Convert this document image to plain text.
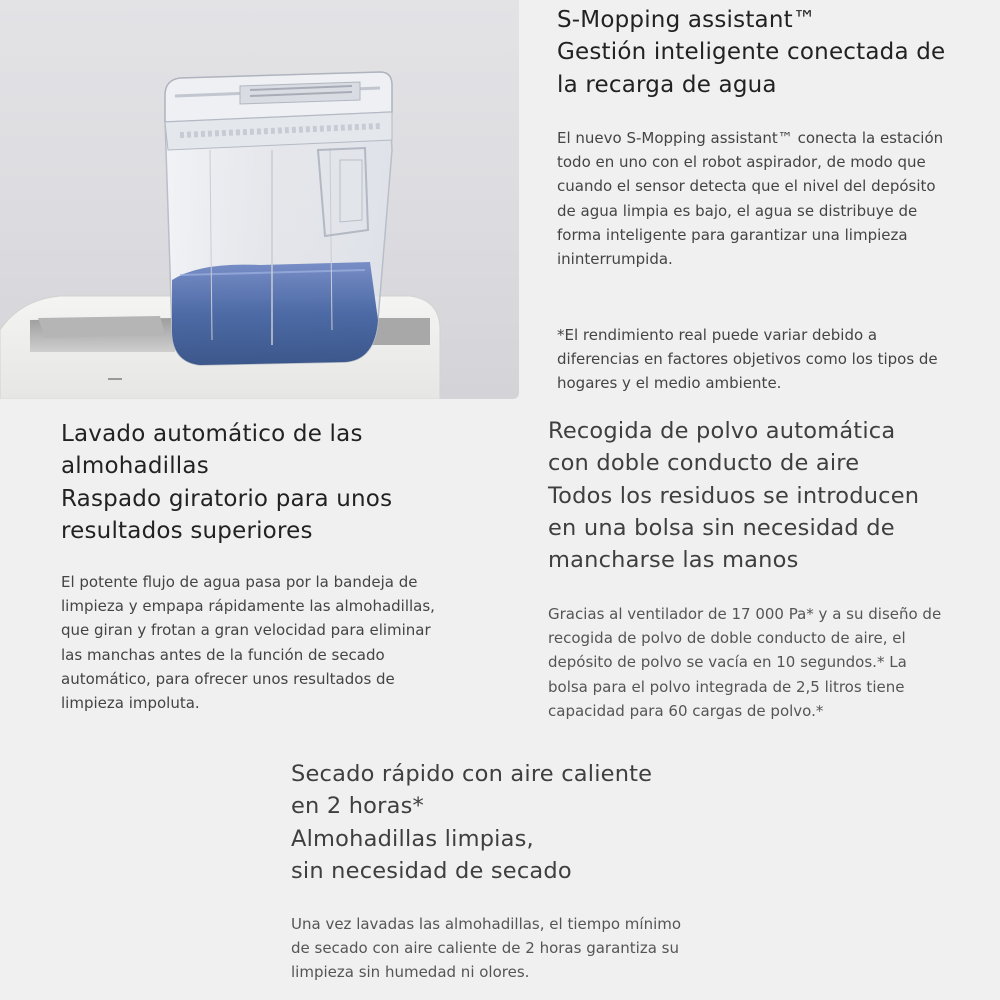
S-Mopping assistant™
Gestión inteligente conectada de
la recarga de agua

El nuevo S-Mopping assistant™ conecta la estación
todo en uno con el robot aspirador, de modo que
cuando el sensor detecta que el nivel del depósito
de agua limpia es bajo, el agua se distribuye de
forma inteligente para garantizar una limpieza
ininterrumpida.

*El rendimiento real puede variar debido a
diferencias en factores objetivos como los tipos de
hogares y el medio ambiente.

Lavado automático de las
almohadillas
Raspado giratorio para unos
resultados superiores

El potente flujo de agua pasa por la bandeja de
limpieza y empapa rápidamente las almohadillas,
que giran y frotan a gran velocidad para eliminar
las manchas antes de la función de secado
automático, para ofrecer unos resultados de
limpieza impoluta.

Recogida de polvo automática
con doble conducto de aire
Todos los residuos se introducen
en una bolsa sin necesidad de
mancharse las manos

Gracias al ventilador de 17 000 Pa* y a su diseño de
recogida de polvo de doble conducto de aire, el
depósito de polvo se vacía en 10 segundos.* La
bolsa para el polvo integrada de 2,5 litros tiene
capacidad para 60 cargas de polvo.*

Secado rápido con aire caliente
en 2 horas*
Almohadillas limpias,
sin necesidad de secado

Una vez lavadas las almohadillas, el tiempo mínimo
de secado con aire caliente de 2 horas garantiza su
limpieza sin humedad ni olores.
